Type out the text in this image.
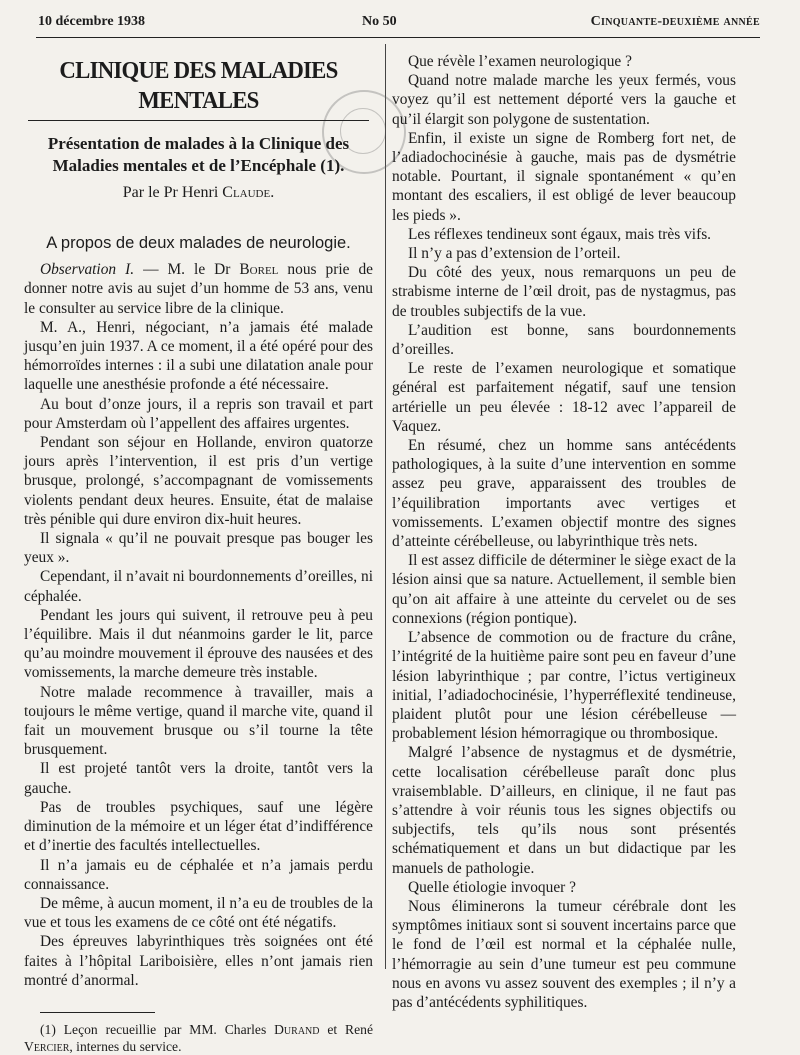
10 décembre 1938	No 50	Cinquante-deuxième année
CLINIQUE DES MALADIES MENTALES
Présentation de malades à la Clinique des Maladies mentales et de l’Encéphale (1).
Par le Pr Henri Claude.
A propos de deux malades de neurologie.

Observation I. — M. le Dr Borel nous prie de donner notre avis au sujet d’un homme de 53 ans, venu le consulter au service libre de la clinique.

M. A., Henri, négociant, n’a jamais été malade jusqu’en juin 1937. A ce moment, il a été opéré pour des hémorroïdes internes : il a subi une dilatation anale pour laquelle une anesthésie profonde a été nécessaire.

Au bout d’onze jours, il a repris son travail et part pour Amsterdam où l’appellent des affaires urgentes.

Pendant son séjour en Hollande, environ quatorze jours après l’intervention, il est pris d’un vertige brusque, prolongé, s’accompagnant de vomissements violents pendant deux heures. Ensuite, état de malaise très pénible qui dure environ dix-huit heures.

Il signala « qu’il ne pouvait presque pas bouger les yeux ».

Cependant, il n’avait ni bourdonnements d’oreilles, ni céphalée.

Pendant les jours qui suivent, il retrouve peu à peu l’équilibre. Mais il dut néanmoins garder le lit, parce qu’au moindre mouvement il éprouve des nausées et des vomissements, la marche demeure très instable.

Notre malade recommence à travailler, mais a toujours le même vertige, quand il marche vite, quand il fait un mouvement brusque ou s’il tourne la tête brusquement.

Il est projeté tantôt vers la droite, tantôt vers la gauche.

Pas de troubles psychiques, sauf une légère diminution de la mémoire et un léger état d’indifférence et d’inertie des facultés intellectuelles.

Il n’a jamais eu de céphalée et n’a jamais perdu connaissance.

De même, à aucun moment, il n’a eu de troubles de la vue et tous les examens de ce côté ont été négatifs.

Des épreuves labyrinthiques très soignées ont été faites à l’hôpital Lariboisière, elles n’ont jamais rien montré d’anormal.

(1) Leçon recueillie par MM. Charles Durand et René Vercier, internes du service.

Que révèle l’examen neurologique ?

Quand notre malade marche les yeux fermés, vous voyez qu’il est nettement déporté vers la gauche et qu’il élargit son polygone de sustentation.

Enfin, il existe un signe de Romberg fort net, de l’adiadochocinésie à gauche, mais pas de dysmétrie notable. Pourtant, il signale spontanément « qu’en montant des escaliers, il est obligé de lever beaucoup les pieds ».

Les réflexes tendineux sont égaux, mais très vifs.

Il n’y a pas d’extension de l’orteil.

Du côté des yeux, nous remarquons un peu de strabisme interne de l’œil droit, pas de nystagmus, pas de troubles subjectifs de la vue.

L’audition est bonne, sans bourdonnements d’oreilles.

Le reste de l’examen neurologique et somatique général est parfaitement négatif, sauf une tension artérielle un peu élevée : 18-12 avec l’appareil de Vaquez.

En résumé, chez un homme sans antécédents pathologiques, à la suite d’une intervention en somme assez peu grave, apparaissent des troubles de l’équilibration importants avec vertiges et vomissements. L’examen objectif montre des signes d’atteinte cérébelleuse, ou labyrinthique très nets.

Il est assez difficile de déterminer le siège exact de la lésion ainsi que sa nature. Actuellement, il semble bien qu’on ait affaire à une atteinte du cervelet ou de ses connexions (région pontique).

L’absence de commotion ou de fracture du crâne, l’intégrité de la huitième paire sont peu en faveur d’une lésion labyrinthique ; par contre, l’ictus vertigineux initial, l’adiadochocinésie, l’hyperréflexité tendineuse, plaident plutôt pour une lésion cérébelleuse — probablement lésion hémorragique ou thrombosique.

Malgré l’absence de nystagmus et de dysmétrie, cette localisation cérébelleuse paraît donc plus vraisemblable. D’ailleurs, en clinique, il ne faut pas s’attendre à voir réunis tous les signes objectifs ou subjectifs, tels qu’ils nous sont présentés schématiquement et dans un but didactique par les manuels de pathologie.

Quelle étiologie invoquer ?

Nous éliminerons la tumeur cérébrale dont les symptômes initiaux sont si souvent incertains parce que le fond de l’œil est normal et la céphalée nulle, l’hémorragie au sein d’une tumeur est peu commune nous en avons vu assez souvent des exemples ; il n’y a pas d’antécédents syphilitiques.
